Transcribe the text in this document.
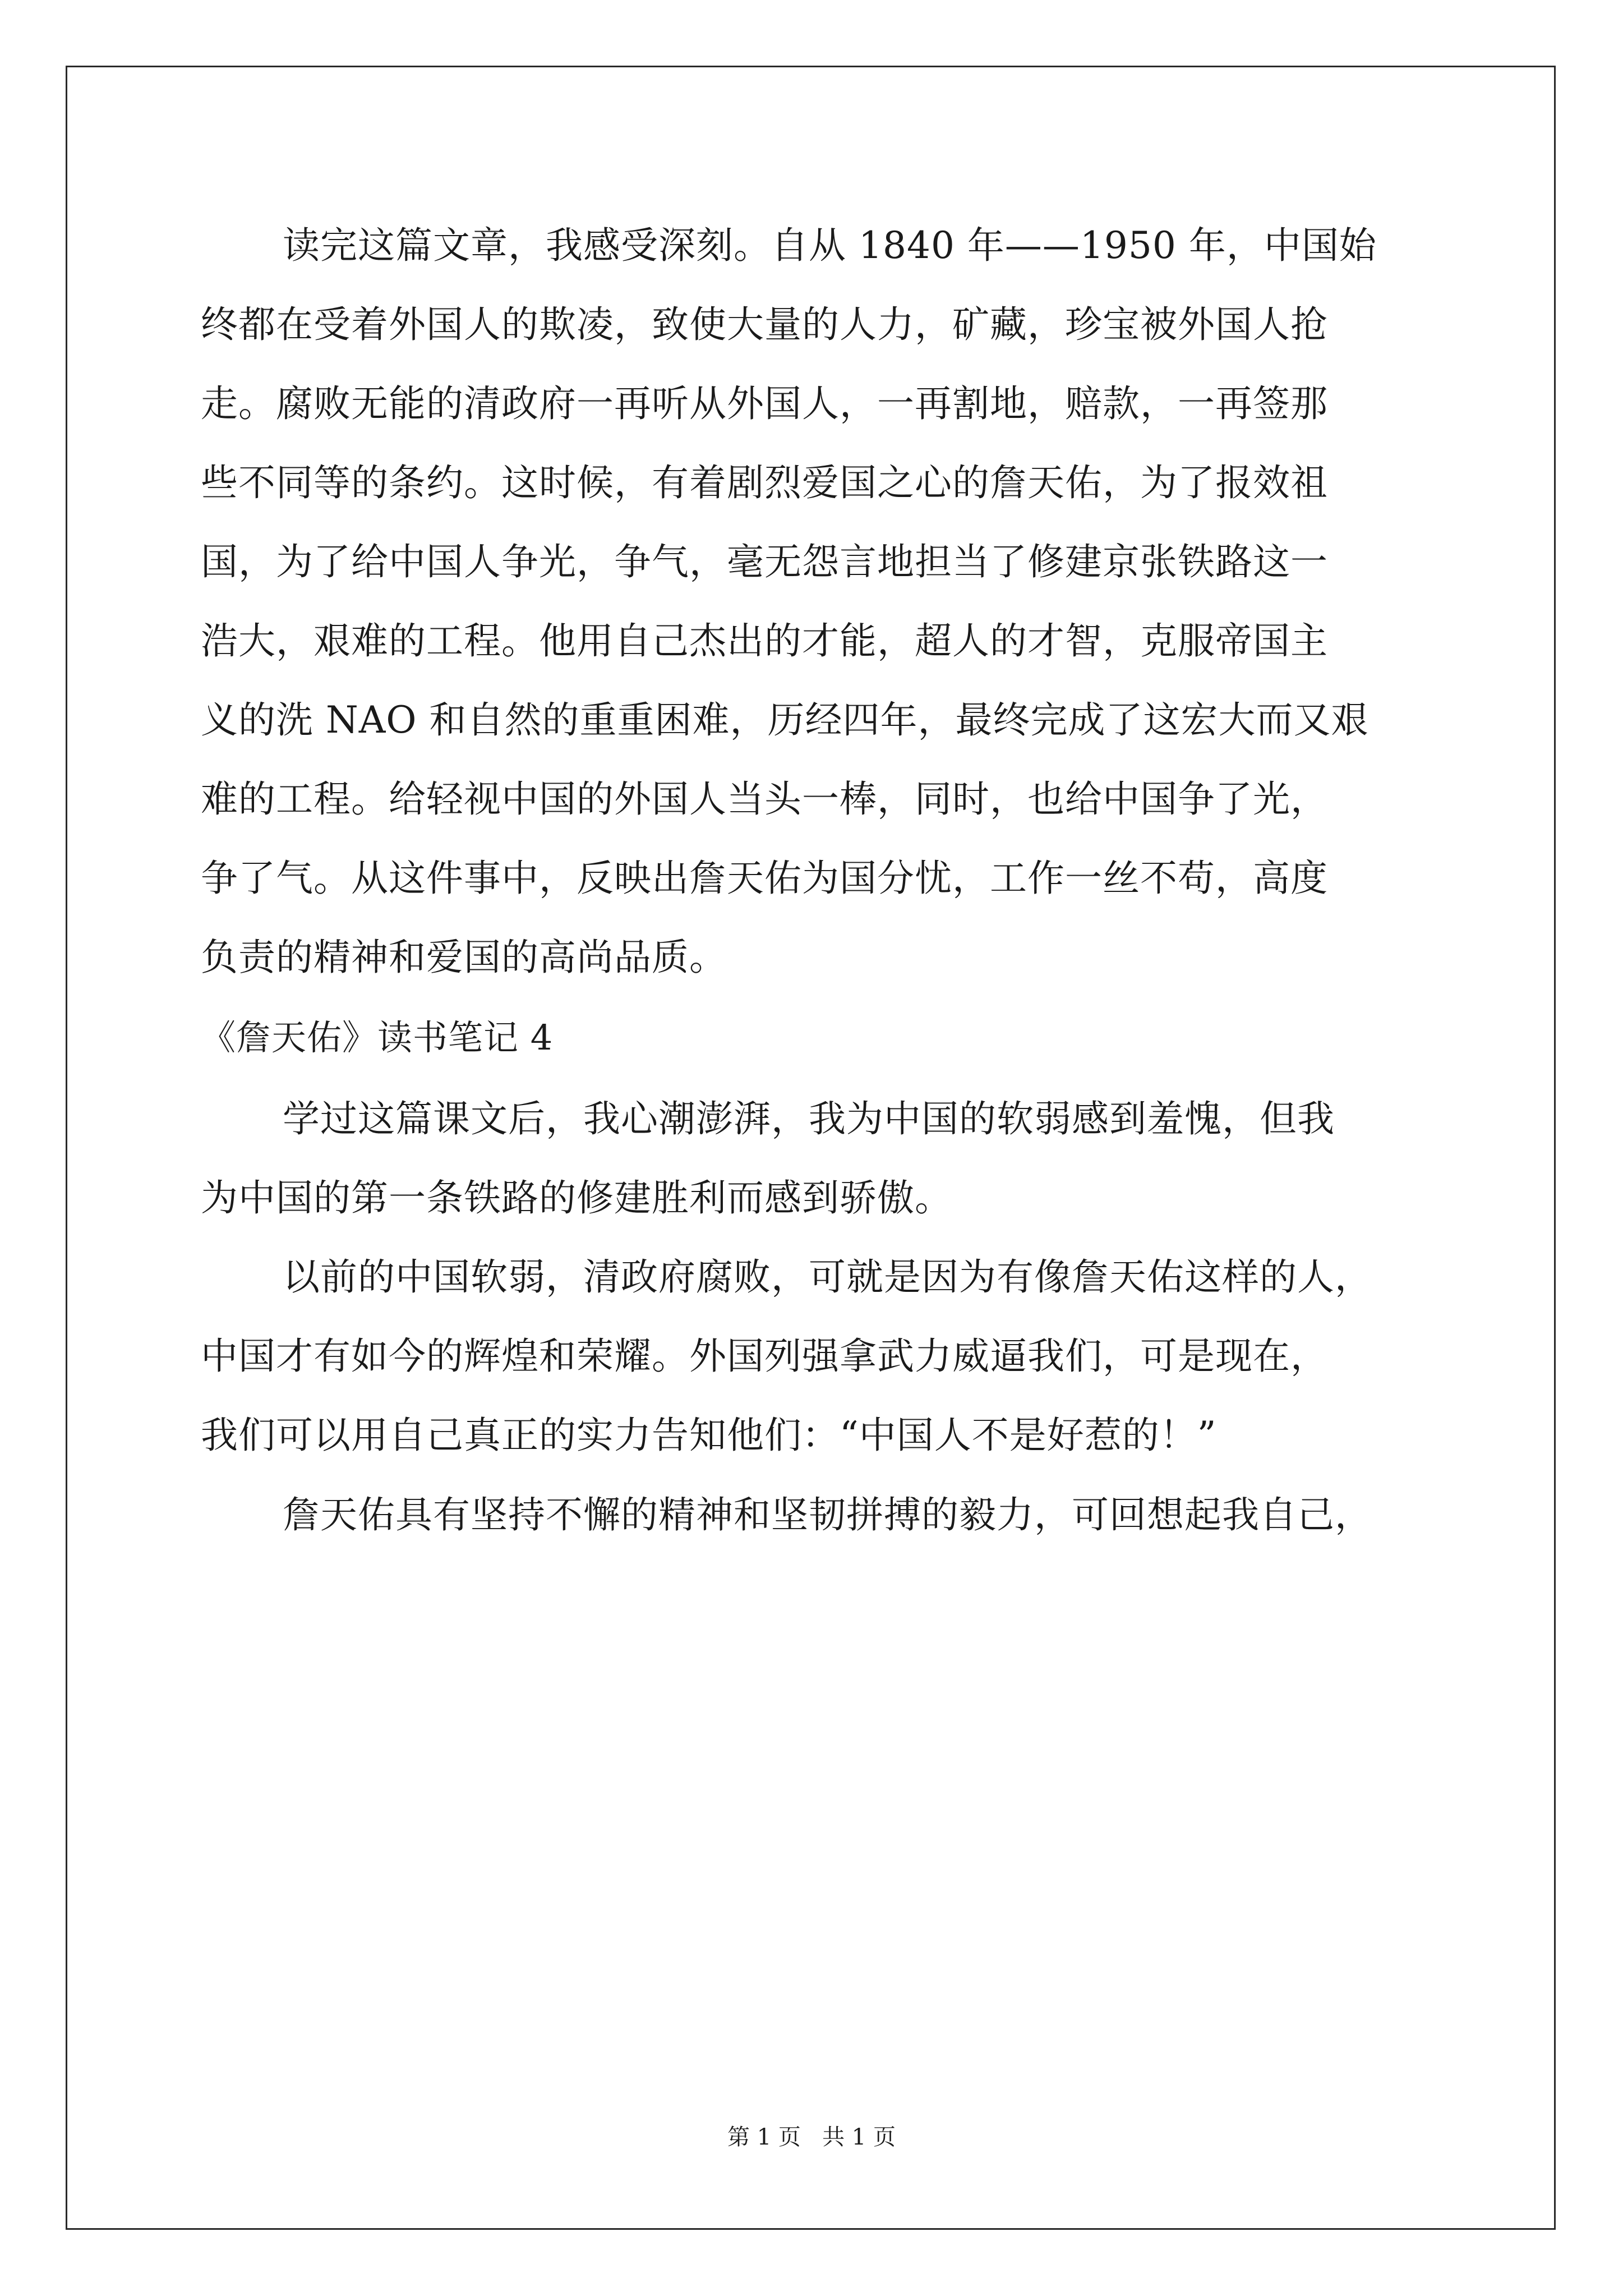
读完这篇文章，我感受深刻。自从 1840 年——1950 年，中国始

终都在受着外国人的欺凌，致使大量的人力，矿藏，珍宝被外国人抢

走。腐败无能的清政府一再听从外国人，一再割地，赔款，一再签那

些不同等的条约。这时候，有着剧烈爱国之心的詹天佑，为了报效祖

国，为了给中国人争光，争气，毫无怨言地担当了修建京张铁路这一

浩大，艰难的工程。他用自己杰出的才能，超人的才智，克服帝国主

义的洗 NAO 和自然的重重困难，历经四年，最终完成了这宏大而又艰

难的工程。给轻视中国的外国人当头一棒，同时，也给中国争了光，

争了气。从这件事中，反映出詹天佑为国分忧，工作一丝不苟，高度

负责的精神和爱国的高尚品质。

《詹天佑》读书笔记 4

学过这篇课文后，我心潮澎湃，我为中国的软弱感到羞愧，但我

为中国的第一条铁路的修建胜利而感到骄傲。

以前的中国软弱，清政府腐败，可就是因为有像詹天佑这样的人，

中国才有如今的辉煌和荣耀。外国列强拿武力威逼我们，可是现在，

我们可以用自己真正的实力告知他们：“中国人不是好惹的！”

詹天佑具有坚持不懈的精神和坚韧拼搏的毅力，可回想起我自己，

第 1 页   共 1 页
